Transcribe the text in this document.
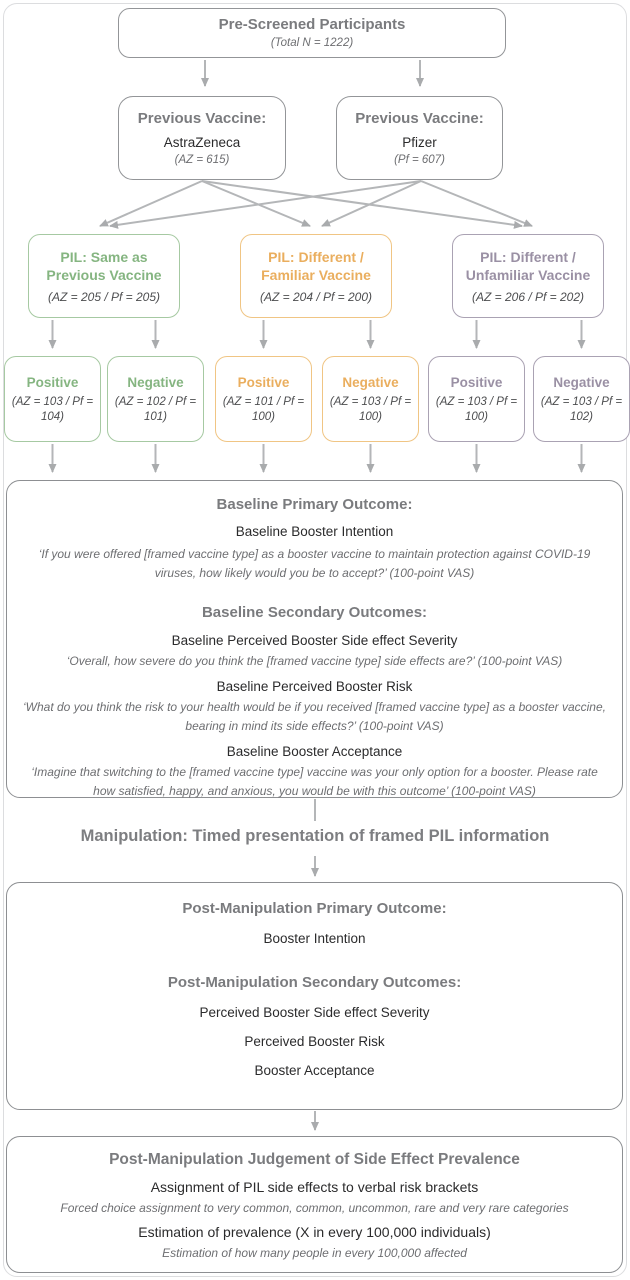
Pre-Screened Participants
(Total N = 1222)
Previous Vaccine:
AstraZeneca
(AZ = 615)
Previous Vaccine:
Pfizer
(Pf = 607)
PIL: Same as Previous Vaccine
(AZ = 205 / Pf = 205)
PIL: Different / Familiar Vaccine
(AZ = 204 / Pf = 200)
PIL: Different / Unfamiliar Vaccine
(AZ = 206 / Pf = 202)
Positive
(AZ = 103 / Pf = 104)
Negative
(AZ = 102 / Pf = 101)
Positive
(AZ = 101 / Pf = 100)
Negative
(AZ = 103 / Pf = 100)
Positive
(AZ = 103 / Pf = 100)
Negative
(AZ = 103 / Pf = 102)
Baseline Primary Outcome:
Baseline Booster Intention
‘If you were offered [framed vaccine type] as a booster vaccine to maintain protection against COVID-19 viruses, how likely would you be to accept?’ (100-point VAS)
Baseline Secondary Outcomes:
Baseline Perceived Booster Side effect Severity
‘Overall, how severe do you think the [framed vaccine type] side effects are?’ (100-point VAS)
Baseline Perceived Booster Risk
‘What do you think the risk to your health would be if you received [framed vaccine type] as a booster vaccine, bearing in mind its side effects?’ (100-point VAS)
Baseline Booster Acceptance
‘Imagine that switching to the [framed vaccine type] vaccine was your only option for a booster. Please rate how satisfied, happy, and anxious, you would be with this outcome’ (100-point VAS)
Manipulation: Timed presentation of framed PIL information
Post-Manipulation Primary Outcome:
Booster Intention
Post-Manipulation Secondary Outcomes:
Perceived Booster Side effect Severity
Perceived Booster Risk
Booster Acceptance
Post-Manipulation Judgement of Side Effect Prevalence
Assignment of PIL side effects to verbal risk brackets
Forced choice assignment to very common, common, uncommon, rare and very rare categories
Estimation of prevalence (X in every 100,000 individuals)
Estimation of how many people in every 100,000 affected
